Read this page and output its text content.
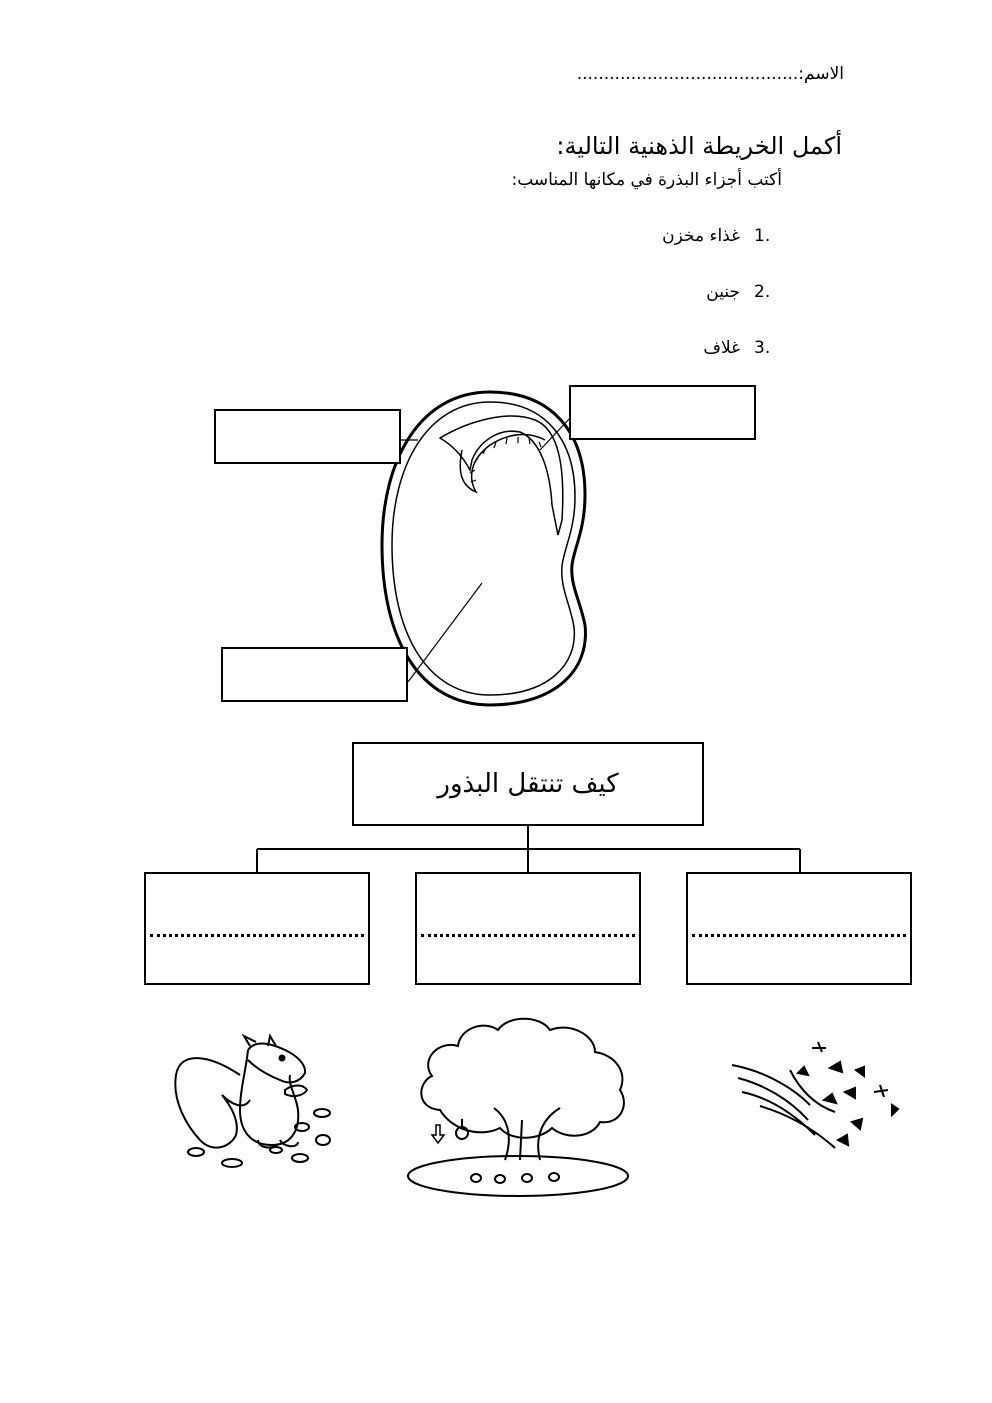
الاسم:.........................................
أكمل الخريطة الذهنية التالية:
أكتب أجزاء البذرة في مكانها المناسب:
1.غذاء مخزن
2.جنين
3.غلاف
كيف تنتقل البذور
